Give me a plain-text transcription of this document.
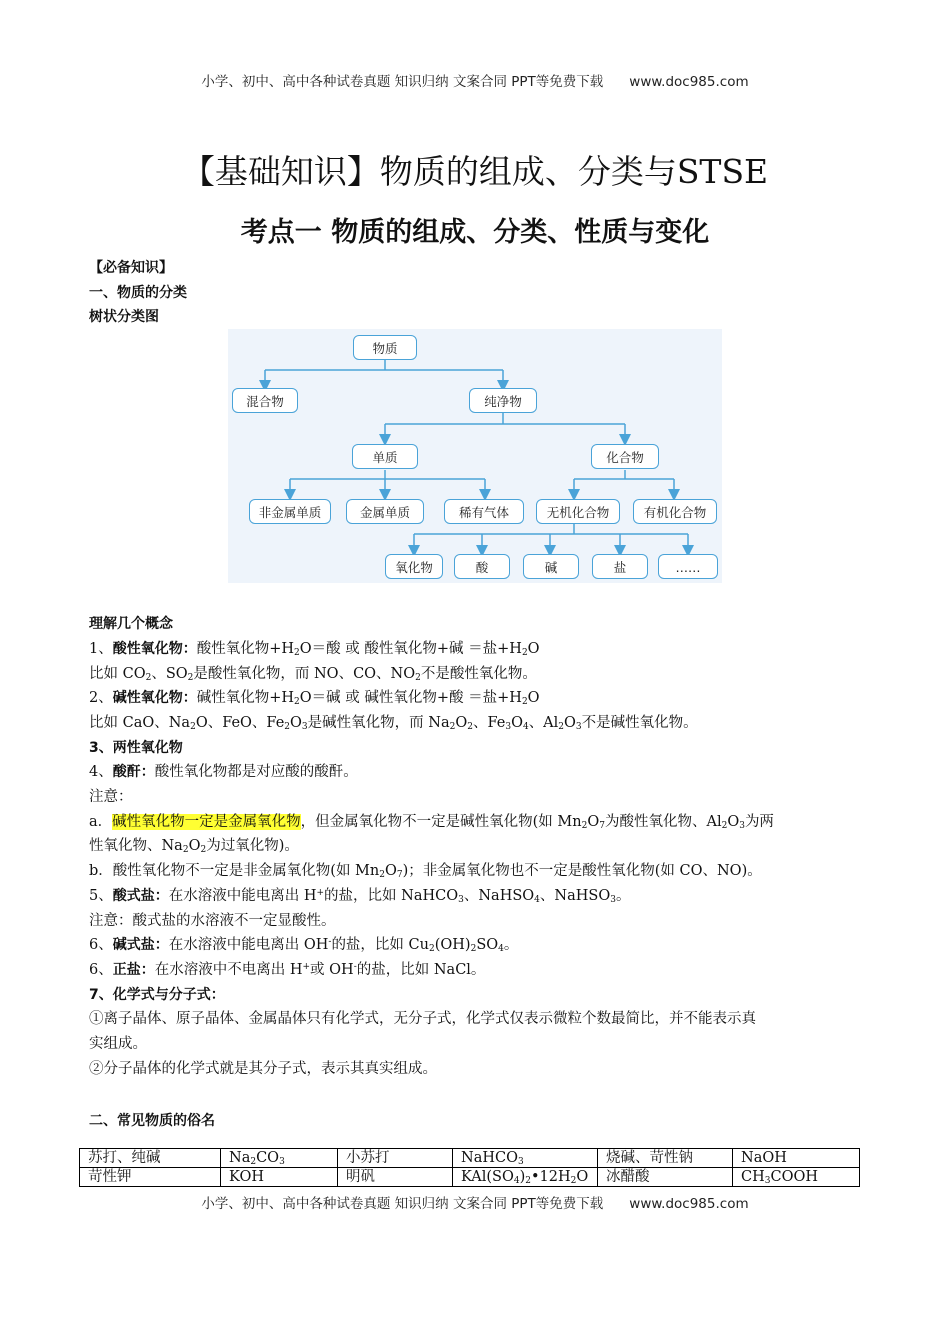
小学、初中、高中各种试卷真题 知识归纳 文案合同 PPT等免费下载 www.doc985.com
【基础知识】物质的组成、分类与STSE
考点一 物质的组成、分类、性质与变化
物质
混合物	纯净物
单质	化合物
非金属单质	金属单质	稀有气体	无机化合物	有机化合物
氧化物	酸	碱	盐	……

【必备知识】

一、物质的分类

树状分类图

理解几个概念

1、酸性氧化物：酸性氧化物$+H_2O=$酸 或 酸性氧化物+碱 ＝盐$+H_2O$

比如 $CO_2$、$SO_2$是酸性氧化物，而 NO、CO、$NO_2$不是酸性氧化物。

2、碱性氧化物：碱性氧化物$+H_2O=$碱 或 碱性氧化物+酸 ＝盐$+H_2O$

比如 CaO、$Na_2O$、FeO、$Fe_2O_3$是碱性氧化物，而 $Na_2O_2$、$Fe_3O_4$、$Al_2O_3$不是碱性氧化物。

3、两性氧化物

4、酸酐：酸性氧化物都是对应酸的酸酐。

注意：

a．碱性氧化物一定是金属氧化物，但金属氧化物不一定是碱性氧化物(如 $Mn_2O_7$为酸性氧化物、$Al_2O_3$为两

性氧化物、$Na_2O_2$为过氧化物)。

b．酸性氧化物不一定是非金属氧化物(如 $Mn_2O_7$)；非金属氧化物也不一定是酸性氧化物(如 CO、NO)。

5、酸式盐：在水溶液中能电离出 H+的盐，比如 NaHCO$_3$、NaHSO$_4$、NaHSO$_3$。

注意：酸式盐的水溶液不一定显酸性。

6、碱式盐：在水溶液中能电离出 OH-的盐，比如 $Cu_2(OH)_2SO_4$。

6、正盐：在水溶液中不电离出 H+或 OH-的盐，比如 NaCl。

7、化学式与分子式：

①离子晶体、原子晶体、金属晶体只有化学式，无分子式，化学式仅表示微粒个数最简比，并不能表示真

实组成。

②分子晶体的化学式就是其分子式，表示其真实组成。

二、常见物质的俗名

苏打、纯碱	$Na_2CO_3$	小苏打	NaHCO$_3$	烧碱、苛性钠	NaOH
苛性钾	KOH	明矾	$KAl(SO_4)_2•12H_2O$	冰醋酸	$CH_3COOH$
小学、初中、高中各种试卷真题 知识归纳 文案合同 PPT等免费下载 www.doc985.com
